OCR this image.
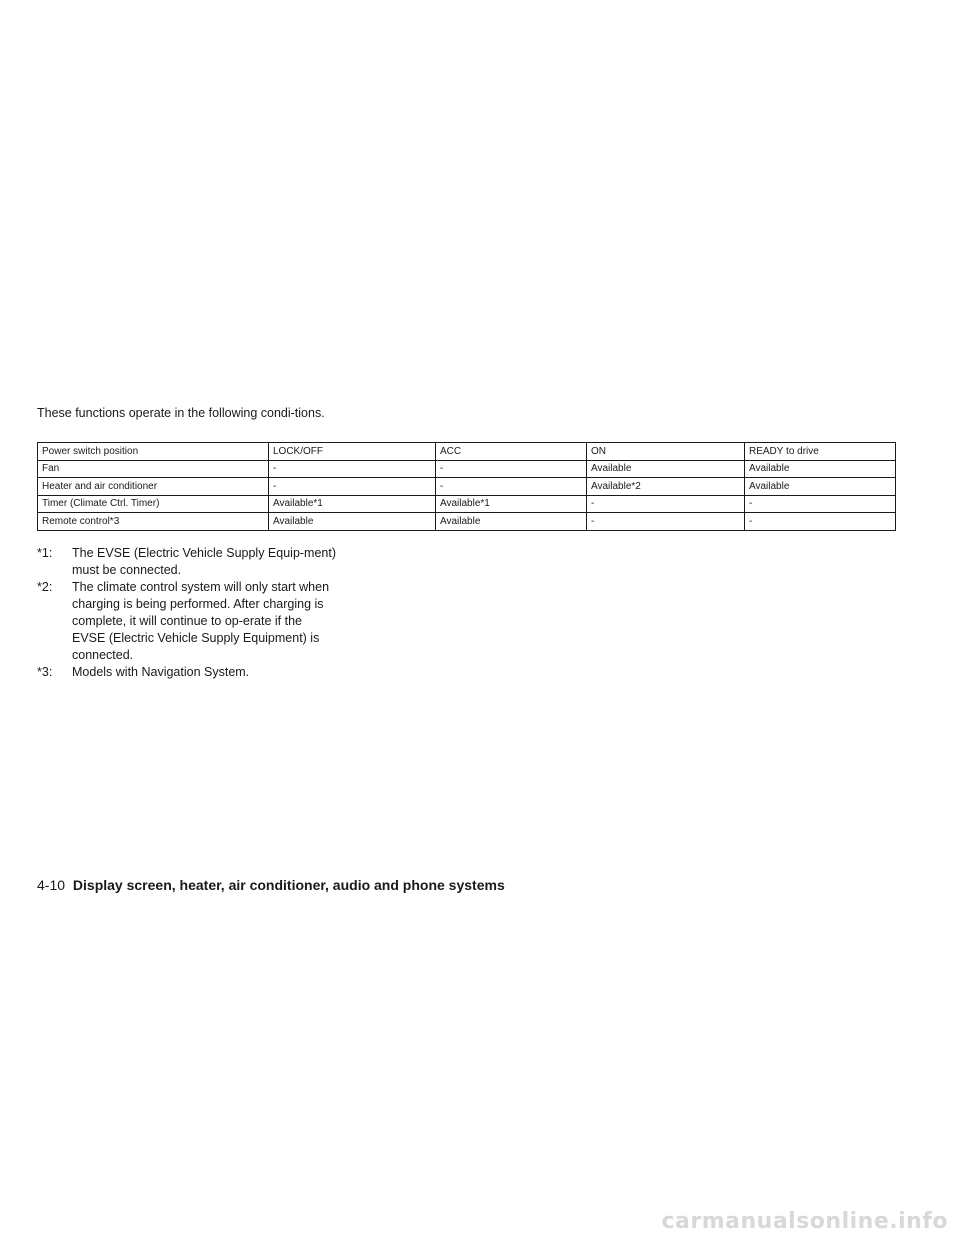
These functions operate in the following condi-tions.

Power switch position	LOCK/OFF	ACC	ON	READY to drive
Fan	-	-	Available	Available
Heater and air conditioner	-	-	Available*2	Available
Timer (Climate Ctrl. Timer)	Available*1	Available*1	-	-
Remote control*3	Available	Available	-	-
*1: The EVSE (Electric Vehicle Supply Equip-ment) must be connected.
*2: The climate control system will only start when charging is being performed. After charging is complete, it will continue to op-erate if the EVSE (Electric Vehicle Supply Equipment) is connected.
*3: Models with Navigation System.
4-10 Display screen, heater, air conditioner, audio and phone systems
carmanualsonline.info
